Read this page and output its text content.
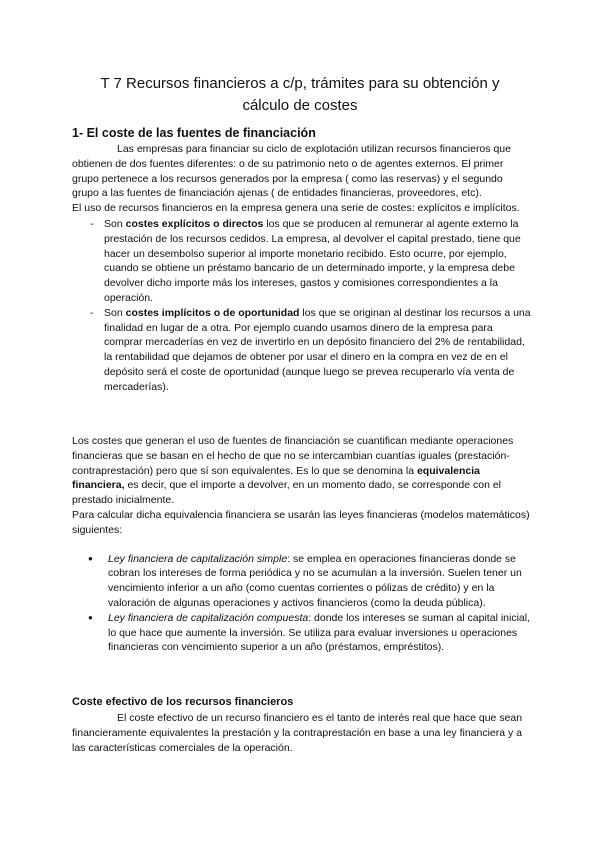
T 7 Recursos financieros a c/p, trámites para su obtención y
cálculo de costes
1- El coste de las fuentes de financiación

Las empresas para financiar su ciclo de explotación utilizan recursos financieros que obtienen de dos fuentes diferentes: o de su patrimonio neto o de agentes externos. El primer grupo pertenece a los recursos generados por la empresa ( como las reservas) y el segundo grupo a las fuentes de financiación ajenas ( de entidades financieras, proveedores, etc).

El uso de recursos financieros en la empresa genera una serie de costes: explícitos e implícitos.

- Son costes explícitos o directos los que se producen al remunerar al agente externo la prestación de los recursos cedidos. La empresa, al devolver el capital prestado, tiene que hacer un desembolso superior al importe monetario recibido. Esto ocurre, por ejemplo, cuando se obtiene un préstamo bancario de un determinado importe, y la empresa debe devolver dicho importe más los intereses, gastos y comisiones correspondientes a la operación.
- Son costes implícitos o de oportunidad los que se originan al destinar los recursos a una finalidad en lugar de a otra. Por ejemplo cuando usamos dinero de la empresa para comprar mercaderías en vez de invertirlo en un depósito financiero del 2% de rentabilidad, la rentabilidad que dejamos de obtener por usar el dinero en la compra en vez de en el depósito será el coste de oportunidad (aunque luego se prevea recuperarlo vía venta de mercaderías).

Los costes que generan el uso de fuentes de financiación se cuantifican mediante operaciones financieras que se basan en el hecho de que no se intercambian cuantías iguales (prestación-contraprestación) pero que sí son equivalentes. Es lo que se denomina la equivalencia financiera, es decir, que el importe a devolver, en un momento dado, se corresponde con el prestado inicialmente.

Para calcular dicha equivalencia financiera se usarán las leyes financieras (modelos matemáticos) siguientes:

● Ley financiera de capitalización simple: se emplea en operaciones financieras donde se cobran los intereses de forma periódica y no se acumulan a la inversión. Suelen tener un vencimiento inferior a un año (como cuentas corrientes o pólizas de crédito) y en la valoración de algunas operaciones y activos financieros (como la deuda pública).
● Ley financiera de capitalización compuesta: donde los intereses se suman al capital inicial, lo que hace que aumente la inversión. Se utiliza para evaluar inversiones u operaciones financieras con vencimiento superior a un año (préstamos, empréstitos).
Coste efectivo de los recursos financieros

El coste efectivo de un recurso financiero es el tanto de interés real que hace que sean financieramente equivalentes la prestación y la contraprestación en base a una ley financiera y a las características comerciales de la operación.
